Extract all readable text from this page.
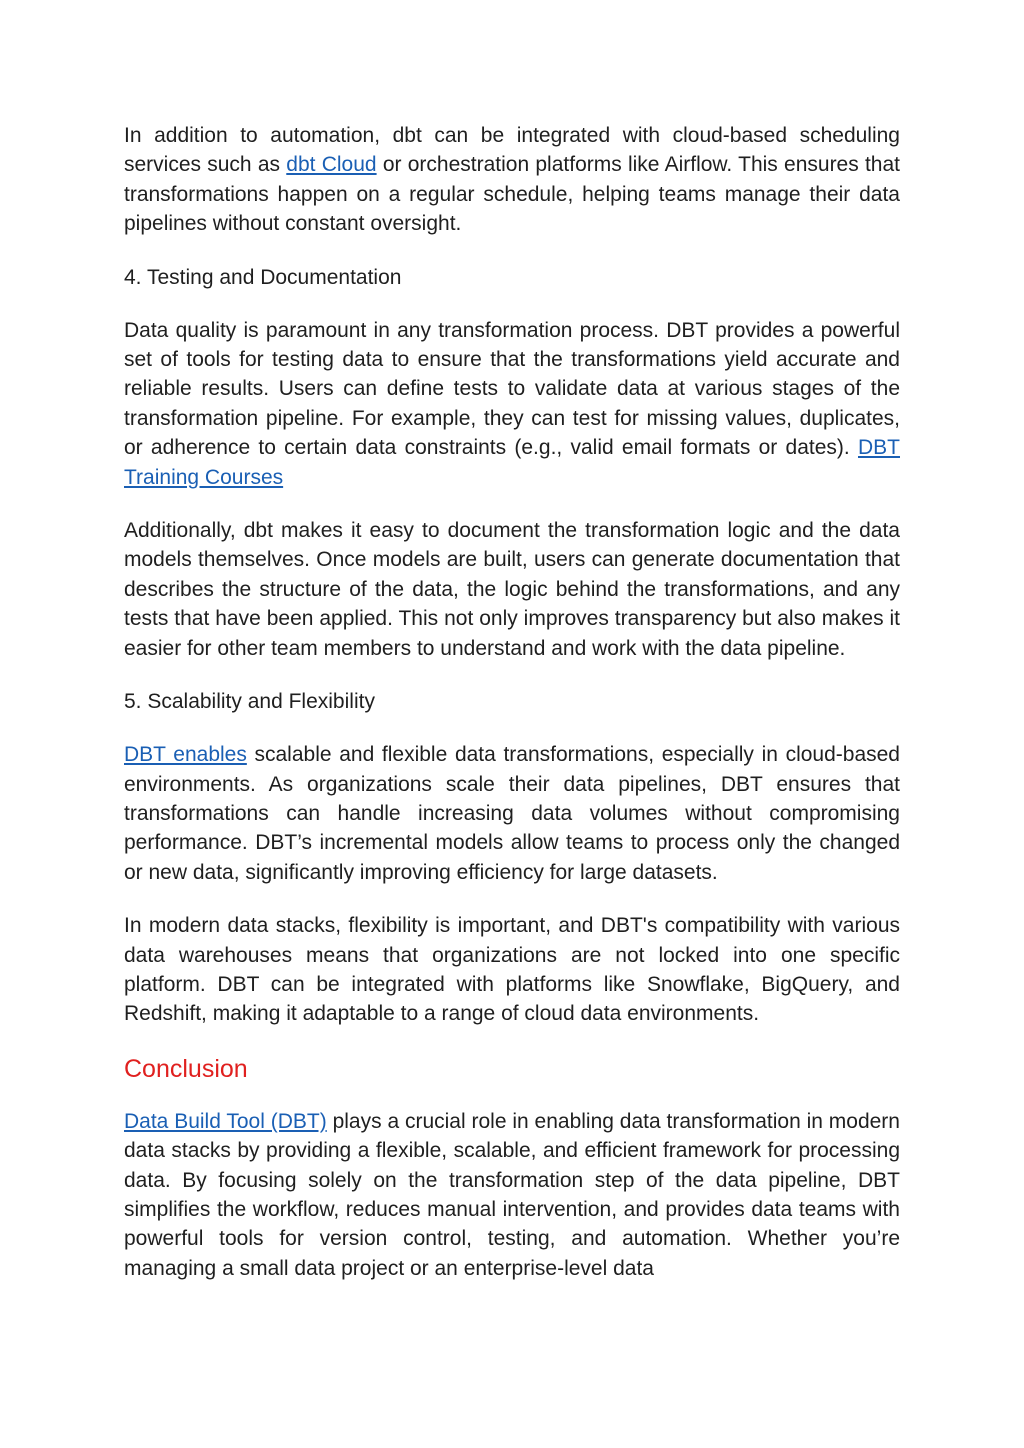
In addition to automation, dbt can be integrated with cloud-based scheduling services such as dbt Cloud or orchestration platforms like Airflow. This ensures that transformations happen on a regular schedule, helping teams manage their data pipelines without constant oversight.

4. Testing and Documentation

Data quality is paramount in any transformation process. DBT provides a powerful set of tools for testing data to ensure that the transformations yield accurate and reliable results. Users can define tests to validate data at various stages of the transformation pipeline. For example, they can test for missing values, duplicates, or adherence to certain data constraints (e.g., valid email formats or dates). DBT Training Courses

Additionally, dbt makes it easy to document the transformation logic and the data models themselves. Once models are built, users can generate documentation that describes the structure of the data, the logic behind the transformations, and any tests that have been applied. This not only improves transparency but also makes it easier for other team members to understand and work with the data pipeline.

5. Scalability and Flexibility

DBT enables scalable and flexible data transformations, especially in cloud-based environments. As organizations scale their data pipelines, DBT ensures that transformations can handle increasing data volumes without compromising performance. DBT’s incremental models allow teams to process only the changed or new data, significantly improving efficiency for large datasets.

In modern data stacks, flexibility is important, and DBT's compatibility with various data warehouses means that organizations are not locked into one specific platform. DBT can be integrated with platforms like Snowflake, BigQuery, and Redshift, making it adaptable to a range of cloud data environments.

Conclusion

Data Build Tool (DBT) plays a crucial role in enabling data transformation in modern data stacks by providing a flexible, scalable, and efficient framework for processing data. By focusing solely on the transformation step of the data pipeline, DBT simplifies the workflow, reduces manual intervention, and provides data teams with powerful tools for version control, testing, and automation. Whether you’re managing a small data project or an enterprise-level data
